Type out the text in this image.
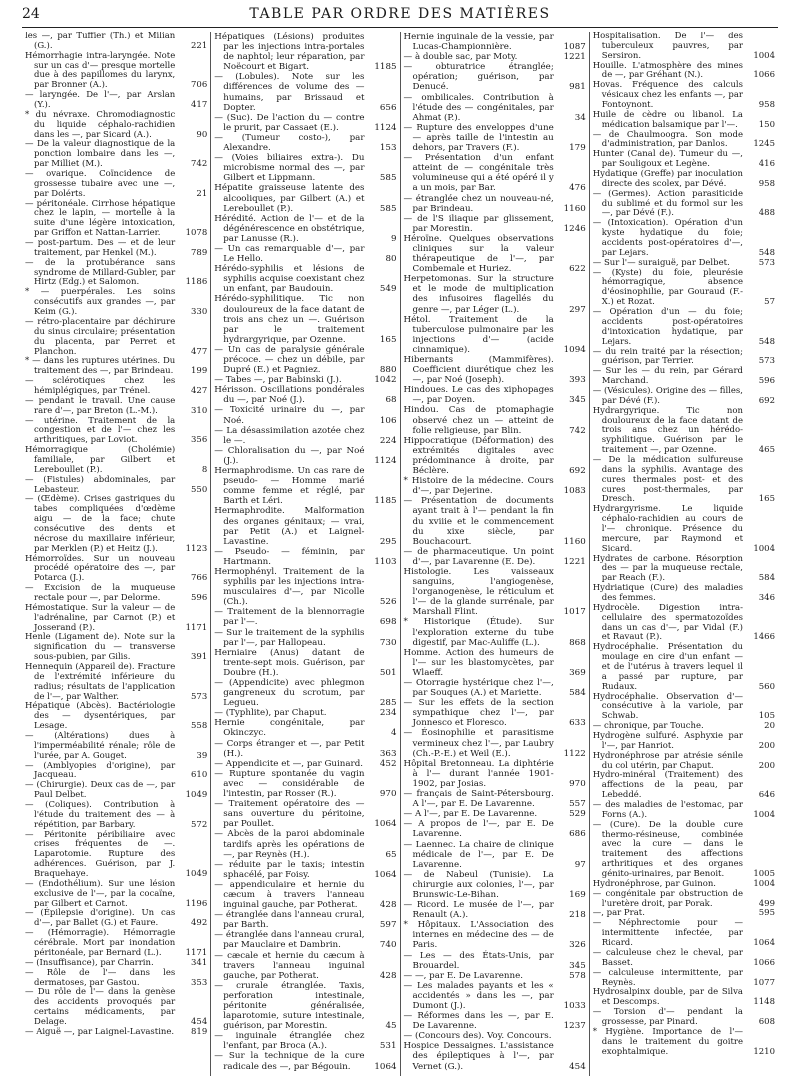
24	TABLE PAR ORDRE DES MATIÈRES
les —, par Tuffier (Th.) et Milian (G.).	221
Hémorrhagie intra-laryngée. Note sur un cas d'— presque mortelle due à des papillomes du larynx, par Bronner (A.).	706
— laryngée. De l'—, par Arslan (Y.).	417
* du névraxe. Chromodiagnostic du liquide céphalo-rachidien dans les —, par Sicard (A.).	90
— De la valeur diagnostique de la ponction lombaire dans les —, par Milliet (M.).	742
— ovarique. Coïncidence de grossesse tubaire avec une —, par Dolérts.	21
— péritonéale. Cirrhose hépatique chez le lapin, — mortelle à la suite d'une légère intoxication, par Griffon et Nattan-Larrier.	1078
— post-partum. Des — et de leur traitement, par Henkel (M.).	789
— de la protubérance sans syndrome de Millard-Gubler, par Hirtz (Edg.) et Salomon.	1186
* — puerpérales. Les soins consécutifs aux grandes —, par Keim (G.).	330
— rétro-placentaire par déchirure du sinus circulaire; présentation du placenta, par Perret et Planchon.	477
* — dans les ruptures utérines. Du traitement des —, par Brindeau.	199
— sclérotiques chez les hémiplégiques, par Trénel.	427
— pendant le travail. Une cause rare d'—, par Breton (L.-M.).	310
— utérine. Traitement de la congestion et de l'— chez les arthritiques, par Loviot.	356
Hémorragique (Cholémie) familiale, par Gilbert et Lereboullet (P.).	8
— (Fistules) abdominales, par Lebasteur.	550
— (Œdème). Crises gastriques du tabes compliquées d'œdème aigu — de la face; chute consécutive des dents et nécrose du maxillaire inférieur, par Merklen (P.) et Heitz (J.).	1123
Hémorroïdes. Sur un nouveau procédé opératoire des —, par Potarca (J.).	766
— Excision de la muqueuse rectale pour —, par Delorme.	596
Hémostatique. Sur la valeur — de l'adrénaline, par Carnot (P.) et Josserand (P.).	1171
Henle (Ligament de). Note sur la signification du — transverse sous-pubien, par Gilis.	391
Hennequin (Appareil de). Fracture de l'extrémité inférieure du radius; résultats de l'application de l'—, par Walther.	573
Hépatique (Abcès). Bactériologie des — dysentériques, par Lesage.	558
— (Altérations) dues à l'imperméabilité rénale; rôle de l'urée, par A. Gouget.	39
— (Amblyopies d'origine), par Jacqueau.	610
— (Chirurgie). Deux cas de —, par Paul Delbet.	1049
— (Coliques). Contribution à l'étude du traitement des — à répétition, par Barbary.	572
— Péritonite péribiliaire avec crises fréquentes de —. Laparotomie. Rupture des adhérences. Guérison, par J. Braquehaye.	1049
— (Endothélium). Sur une lésion exclusive de l'—, par la cocaïne, par Gilbert et Carnot.	1196
— (Épilepsie d'origine). Un cas d'—, par Ballet (G.) et Faure.	492
— (Hémorragie). Hémorragie cérébrale. Mort par inondation péritonéale, par Bernard (L.).	1171
— (Insuffisance), par Charrin.	341
— Rôle de l'— dans les dermatoses, par Gastou.	353
— Du rôle de l'— dans la genèse des accidents provoqués par certains médicaments, par Delage.	454
— Aiguë —, par Laignel-Lavastine.	819
Hépatiques (Lésions) produites par les injections intra-portales de naphtol; leur réparation, par Noëcourt et Bigart.	1185
— (Lobules). Note sur les différences de volume des — humains, par Brissaud et Dopter.	656
— (Suc). De l'action du — contre le prurit, par Cassaet (E.).	1124
— (Tumeur costo-), par Alexandre.	153
— (Voies biliaires extra-). Du microbisme normal des —, par Gilbert et Lippmann.	585
Hépatite graisseuse latente des alcooliques, par Gilbert (A.) et Lereboullet (P.).	585
Hérédité. Action de l'— et de la dégénérescence en obstétrique, par Lanusse (R.).	9
— Un cas remarquable d'—, par Le Hello.	80
Hérédo-syphilis et lésions de syphilis acquise coexistant chez un enfant, par Baudouin.	549
Hérédo-syphilitique. Tic non douloureux de la face datant de trois ans chez un —. Guérison par le traitement hydrargyrique, par Ozenne.	165
— Un cas de paralysie générale précoce. — chez un débile, par Dupré (E.) et Pagniez.	880
— Tabes —, par Babinski (J.).	1042
Hérisson. Oscillations pondérales du —, par Noé (J.).	68
— Toxicité urinaire du —, par Noé.	106
— La désassimilation azotée chez le —.	224
— Chloralisation du —, par Noé (J.).	1124
Hermaphrodisme. Un cas rare de pseudo- — Homme marié comme femme et réglé, par Barth et Léri.	1185
Hermaphrodite. Malformation des organes génitaux; — vrai, par Petit (A.) et Laignel-Lavastine.	295
— Pseudo- — féminin, par Hartmann.	1103
Hermophényl. Traitement de la syphilis par les injections intra-musculaires d'—, par Nicolle (Ch.).	526
— Traitement de la blennorragie par l'—.	698
— Sur le traitement de la syphilis par l'—, par Hallopeau.	730
Herniaire (Anus) datant de trente-sept mois. Guérison, par Doubre (H.).	501
— (Appendicite) avec phlegmon gangreneux du scrotum, par Legueu.	285
— (Typhlite), par Chaput.	234
Hernie congénitale, par Okinczyc.	4
— Corps étranger et —, par Petit (H.).	363
— Appendicite et —, par Guinard.	452
— Rupture spontanée du vagin avec — considérable de l'intestin, par Rosser (R.).	970
— Traitement opératoire des — sans ouverture du péritoine, par Poullet.	1064
— Abcès de la paroi abdominale tardifs après les opérations de —, par Reynès (H.).	65
— réduite par le taxis; intestin sphacélé, par Foisy.	1064
— appendiculaire et hernie du cæcum à travers l'anneau inguinal gauche, par Potherat.	428
— étranglée dans l'anneau crural, par Barth.	597
— étranglée dans l'anneau crural, par Mauclaire et Dambrin.	740
— cæcale et hernie du cæcum à travers l'anneau inguinal gauche, par Potherat.	428
— crurale étranglée. Taxis, perforation intestinale, péritonite généralisée, laparotomie, suture intestinale, guérison, par Morestin.	45
— inguinale étranglée chez l'enfant, par Broca (A.).	531
— Sur la technique de la cure radicale des —, par Bégouin.	1064
Hernie inguinale de la vessie, par Lucas-Championnière.	1087
— à double sac, par Moty.	1221
— obturatrice étranglée; opération; guérison, par Denucé.	981
— ombilicales. Contribution à l'étude des — congénitales, par Ahmat (P.).	34
— Rupture des enveloppes d'une — après taille de l'intestin au dehors, par Travers (F.).	179
— Présentation d'un enfant atteint de — congénitale très volumineuse qui a été opéré il y a un mois, par Bar.	476
— étranglée chez un nouveau-né, par Brindeau.	1160
— de l'S iliaque par glissement, par Morestin.	1246
Héroïne. Quelques observations cliniques sur la valeur thérapeutique de l'—, par Combemale et Huriez.	622
Herpetomonas. Sur la structure et le mode de multiplication des infusoires flagellés du genre —, par Léger (L.).	297
Hétol. Traitement de la tuberculose pulmonaire par les injections d'— (acide cinnamique).	1094
Hibernants (Mammifères). Coefficient diurétique chez les —, par Noé (Joseph).	393
Hindoues. Le cas des xiphopages —, par Doyen.	345
Hindou. Cas de ptomaphagie observé chez un — atteint de folie religieuse, par Blin.	742
Hippocratique (Déformation) des extrémités digitales avec prédominance à droite, par Béclère.	692
* Histoire de la médecine. Cours d'—, par Dejerine.	1083
— Présentation de documents ayant trait à l'— pendant la fin du xviiie et le commencement du xixe siècle, par Bouchacourt.	1160
— de pharmaceutique. Un point d'—, par Lavarenne (E. De).	1221
Histologie. Les vaisseaux sanguins, l'angiogenèse, l'organogenèse, le réticulum et l'— de la glande surrénale, par Marshall Flint.	1017
* Historique (Étude). Sur l'exploration externe du tube digestif, par Mac-Auliffe (L.).	868
Homme. Action des humeurs de l'— sur les blastomycètes, par Wlaeff.	369
— Otorragie hystérique chez l'—, par Souques (A.) et Mariette.	584
— Sur les effets de la section sympathique chez l'—, par Jonnesco et Floresco.	633
— Éosinophilie et parasitisme vermineux chez l'—, par Laubry (Ch.-P.-E.) et Weil (E.).	1122
Hôpital Bretonneau. La diphtérie à l'— durant l'année 1901-1902, par Josias.	970
— français de Saint-Pétersbourg. A l'—, par E. De Lavarenne.	557
— A l'—, par E. De Lavarenne.	529
— A propos de l'—, par E. De Lavarenne.	686
— Laennec. La chaire de clinique médicale de l'—, par E. De Lavarenne.	97
— de Nabeul (Tunisie). La chirurgie aux colonies, l'—, par Brunswic-Le-Bihan.	169
— Ricord. Le musée de l'—, par Renault (A.).	218
* Hôpitaux. L'Association des internes en médecine des — de Paris.	326
— Les — des États-Unis, par Brouardel.	345
— —, par E. De Lavarenne.	578
— Les malades payants et les « accidentés » dans les —, par Dumont (J.).	1033
— Réformes dans les —, par E. De Lavarenne.	1237
— (Concours des). Voy. Concours.
Hospice Dessaignes. L'assistance des épileptiques à l'—, par Vernet (G.).	454
Hospitalisation. De l'— des tuberculeux pauvres, par Sersiron.	1004
Houille. L'atmosphère des mines de —, par Gréhant (N.).	1066
Hovas. Fréquence des calculs vésicaux chez les enfants —, par Fontoynont.	958
Huile de cèdre ou libanol. La médication balsamique par l'—.	150
— de Chaulmoogra. Son mode d'administration, par Danlos.	1245
Hunter (Canal de). Tumeur du —, par Souligoux et Legène.	416
Hydatique (Greffe) par inoculation directe des scolex, par Dévé.	958
— (Germes). Action parasiticide du sublimé et du formol sur les —, par Dévé (F.).	488
— (Intoxication). Opération d'un kyste hydatique du foie; accidents post-opératoires d'—, par Lejars.	548
— Sur l'— suraiguë, par Delbet.	573
— (Kyste) du foie, pleurésie hémorragique, absence d'éosinophilie, par Gouraud (F.-X.) et Rozat.	57
— Opération d'un — du foie; accidents post-opératoires d'intoxication hydatique, par Lejars.	548
— du rein traité par la résection; guérison, par Terrier.	573
— Sur les — du rein, par Gérard Marchand.	596
— (Vésicules). Origine des — filles, par Dévé (F.).	692
Hydrargyrique. Tic non douloureux de la face datant de trois ans chez un hérédo-syphilitique. Guérison par le traitement —, par Ozenne.	465
— De la médication sulfureuse dans la syphilis. Avantage des cures thermales post- et des cures post-thermales, par Dresch.	165
Hydrargyrisme. Le liquide céphalo-rachidien au cours de l'— chronique. Présence du mercure, par Raymond et Sicard.	1004
Hydrates de carbone. Résorption des — par la muqueuse rectale, par Reach (F.).	584
Hydriatique (Cure) des maladies des femmes.	346
Hydrocèle. Digestion intra-cellulaire des spermatozoïdes dans un cas d'—, par Vidal (F.) et Ravaut (P.).	1466
Hydrocéphalie. Présentation du moulage en cire d'un enfant — et de l'utérus à travers lequel il a passé par rupture, par Rudaux.	560
Hydrocéphalie. Observation d'— consécutive à la variole, par Schwab.	105
— chronique, par Touche.	20
Hydrogène sulfuré. Asphyxie par l'—, par Hanriot.	200
Hydronéphrose par atrésie sénile du col utérin, par Chaput.	200
Hydro-minéral (Traitement) des affections de la peau, par Lebeddé.	646
— des maladies de l'estomac, par Forns (A.).	1004
— (Cure). De la double cure thermo-résineuse, combinée avec la cure — dans le traitement des affections arthritiques et des organes génito-urinaires, par Benoit.	1005
Hydronéphrose, par Guinon.	1004
— congénitale par obstruction de l'uretère droit, par Porak.	499
—, par Prat.	595
— Néphrectomie pour — intermittente infectée, par Ricard.	1064
— calculeuse chez le cheval, par Basset.	1066
— calculeuse intermittente, par Reynès.	1077
Hydrosalpinx double, par de Silva et Descomps.	1148
— Torsion d'— pendant la grossesse, par Pinard.	608
* Hygiène. Importance de l'— dans le traitement du goitre exophtalmique.	1210
